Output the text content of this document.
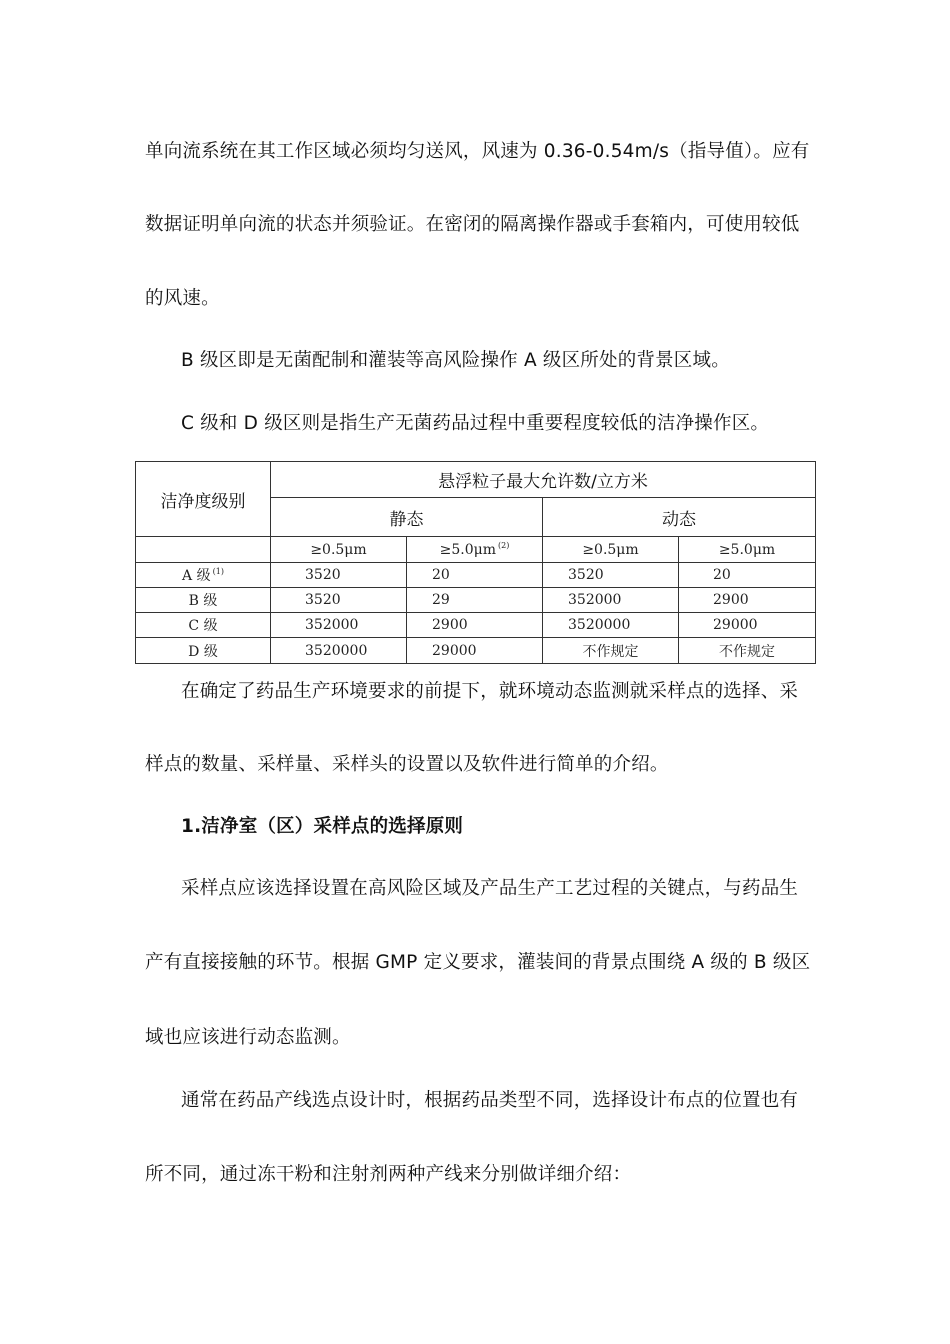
单向流系统在其工作区域必须均匀送风，风速为 0.36-0.54m/s（指导值）。应有
数据证明单向流的状态并须验证。在密闭的隔离操作器或手套箱内，可使用较低
的风速。
B 级区即是无菌配制和灌装等高风险操作 A 级区所处的背景区域。
C 级和 D 级区则是指生产无菌药品过程中重要程度较低的洁净操作区。
洁净度级别	悬浮粒子最大允许数/立方米			
	静态		动态	
	≥0.5μm	≥5.0μm $^{(2)}$	≥0.5μm	≥5.0μm
A 级 $^{(1)}$	3520	20	3520	20
B 级	3520	29	352000	2900
C 级	352000	2900	3520000	29000
D 级	3520000	29000	不作规定	不作规定
在确定了药品生产环境要求的前提下，就环境动态监测就采样点的选择、采
样点的数量、采样量、采样头的设置以及软件进行简单的介绍。
1.洁净室（区）采样点的选择原则
采样点应该选择设置在高风险区域及产品生产工艺过程的关键点，与药品生
产有直接接触的环节。根据 GMP 定义要求，灌装间的背景点围绕 A 级的 B 级区
域也应该进行动态监测。
通常在药品产线选点设计时，根据药品类型不同，选择设计布点的位置也有
所不同，通过冻干粉和注射剂两种产线来分别做详细介绍：
